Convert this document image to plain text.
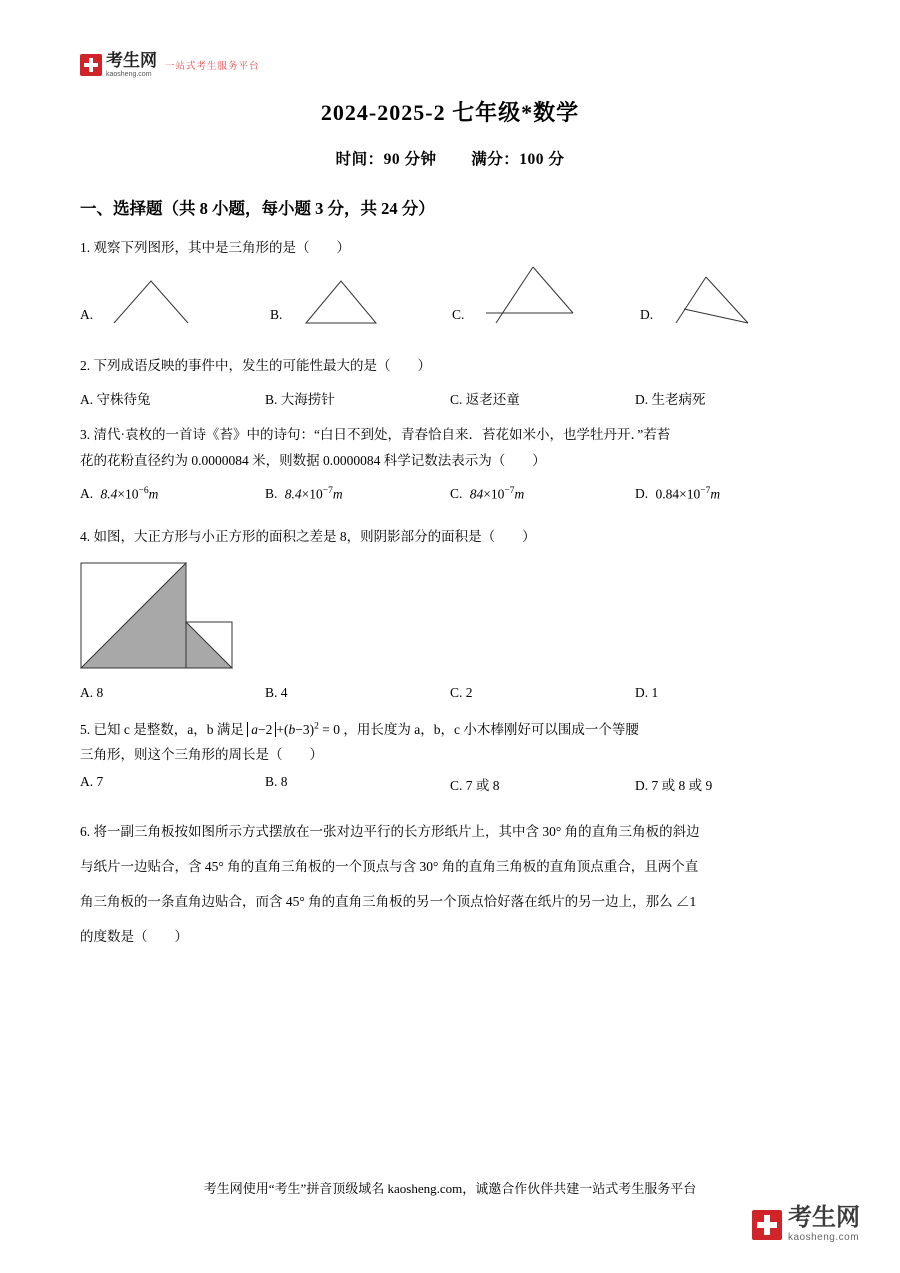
考生网
kaosheng.com
一站式考生服务平台
2024-2025-2 七年级*数学
时间：90 分钟 满分：100 分
一、选择题（共 8 小题，每小题 3 分，共 24 分）
1. 观察下列图形，其中是三角形的是（　　）
A.	B.	C.	D.
2. 下列成语反映的事件中，发生的可能性最大的是（　　）
A. 守株待兔	B. 大海捞针	C. 返老还童	D. 生老病死
3. 清代·袁枚的一首诗《苔》中的诗句：“白日不到处，青春恰自来．苔花如米小，也学牡丹开．”若苔
花的花粉直径约为 0.0000084 米，则数据 0.0000084 科学记数法表示为（　　）
A. $8.4\times 10^{-6}m$	B. $8.4\times 10^{-7}m$	C. $84\times 10^{-7}m$	D. $0.84\times 10^{-7}m$
4. 如图，大正方形与小正方形的面积之差是 8，则阴影部分的面积是（　　）
A. 8	B. 4	C. 2	D. 1
5. 已知 c 是整数，a，b 满足 $a-2 +(b-3)^2 = 0$ ，用长度为 a，b，c 小木棒刚好可以围成一个等腰
三角形，则这个三角形的周长是（　　）
A. 7	B. 8	C. 7 或 8	D. 7 或 8 或 9
6. 将一副三角板按如图所示方式摆放在一张对边平行的长方形纸片上，其中含 30° 角的直角三角板的斜边
与纸片一边贴合，含 45° 角的直角三角板的一个顶点与含 30° 角的直角三角板的直角顶点重合，且两个直
角三角板的一条直角边贴合，而含 45° 角的直角三角板的另一个顶点恰好落在纸片的另一边上，那么 ∠1
的度数是（　　）
考生网使用“考生”拼音顶级域名 kaosheng.com，诚邀合作伙伴共建一站式考生服务平台
考生网
kaosheng.com
